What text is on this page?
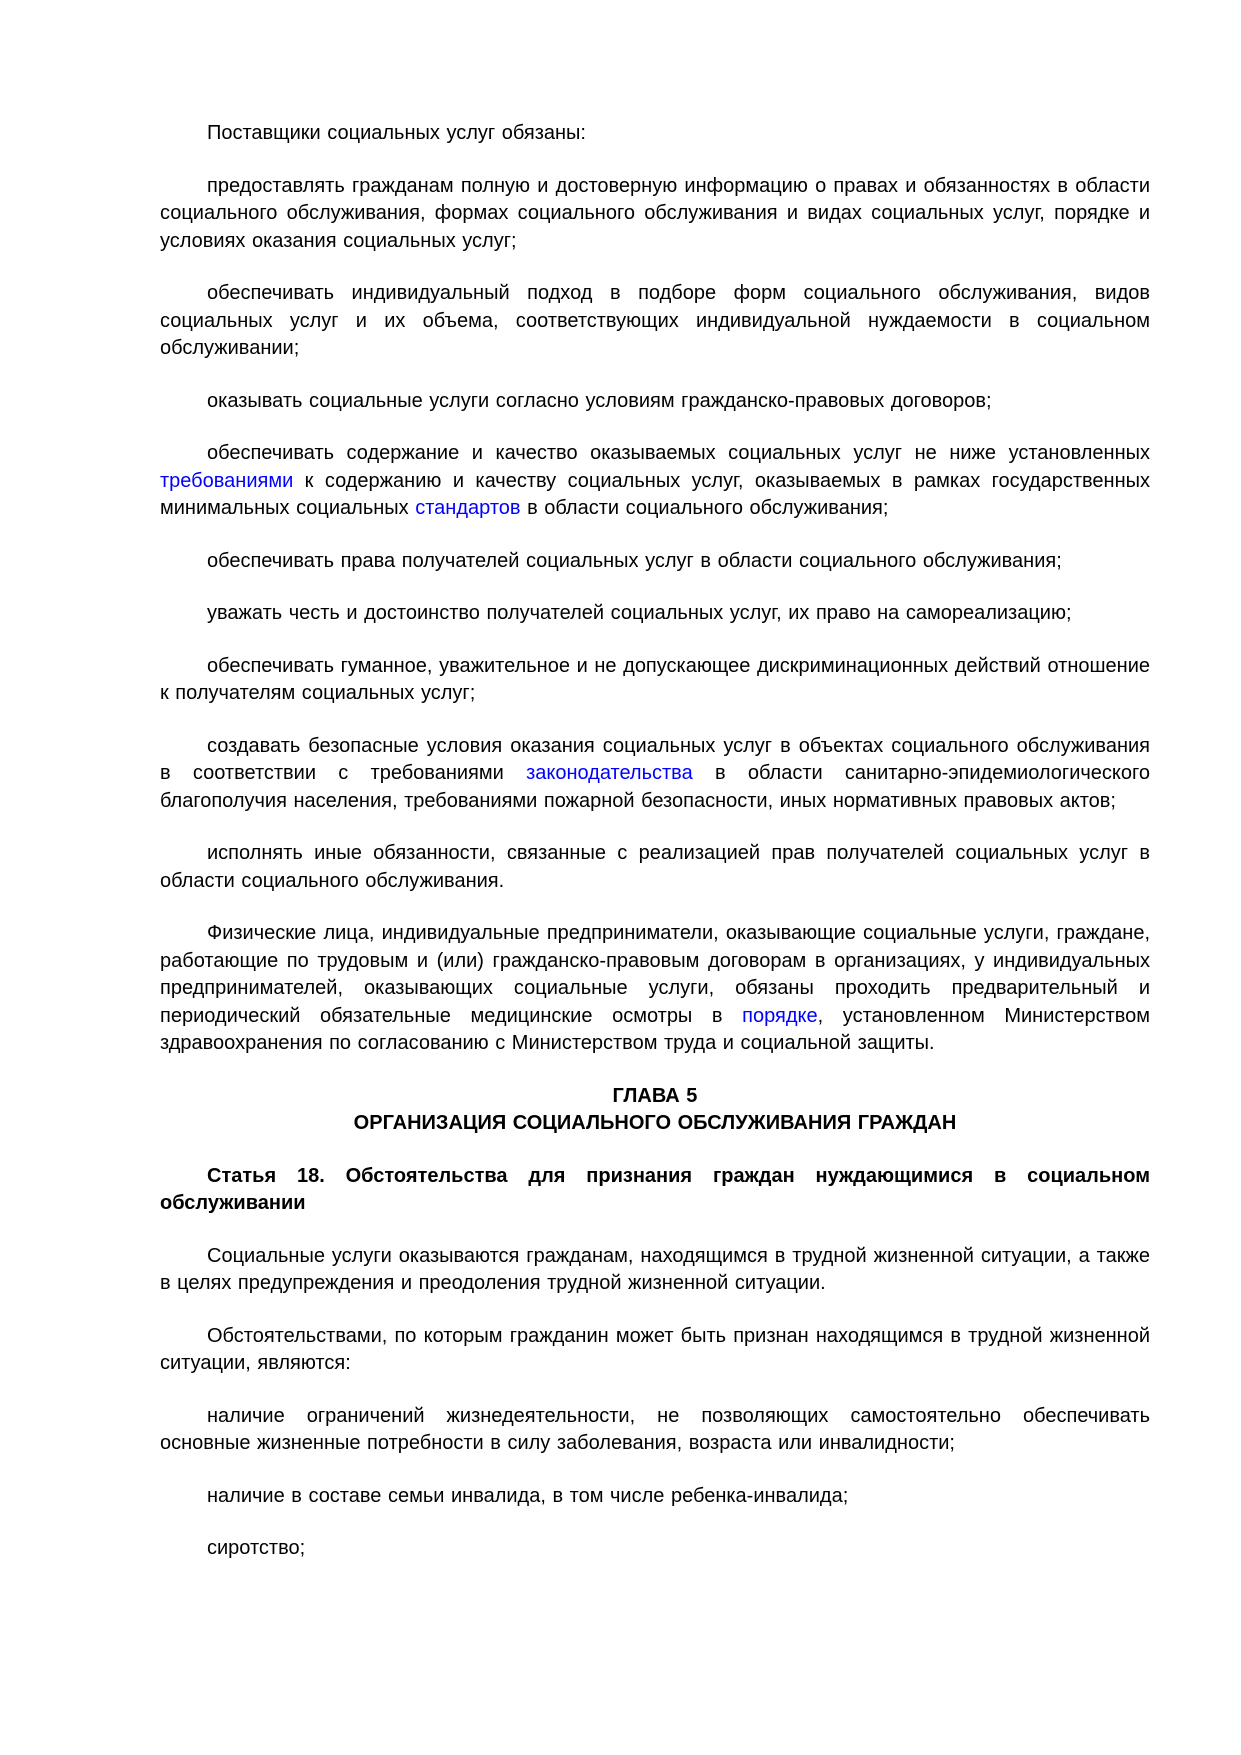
Поставщики социальных услуг обязаны:

предоставлять гражданам полную и достоверную информацию о правах и обязанностях в области социального обслуживания, формах социального обслуживания и видах социальных услуг, порядке и условиях оказания социальных услуг;

обеспечивать индивидуальный подход в подборе форм социального обслуживания, видов социальных услуг и их объема, соответствующих индивидуальной нуждаемости в социальном обслуживании;

оказывать социальные услуги согласно условиям гражданско-правовых договоров;

обеспечивать содержание и качество оказываемых социальных услуг не ниже установленных требованиями к содержанию и качеству социальных услуг, оказываемых в рамках государственных минимальных социальных стандартов в области социального обслуживания;

обеспечивать права получателей социальных услуг в области социального обслуживания;

уважать честь и достоинство получателей социальных услуг, их право на самореализацию;

обеспечивать гуманное, уважительное и не допускающее дискриминационных действий отношение к получателям социальных услуг;

создавать безопасные условия оказания социальных услуг в объектах социального обслуживания в соответствии с требованиями законодательства в области санитарно-эпидемиологического благополучия населения, требованиями пожарной безопасности, иных нормативных правовых актов;

исполнять иные обязанности, связанные с реализацией прав получателей социальных услуг в области социального обслуживания.

Физические лица, индивидуальные предприниматели, оказывающие социальные услуги, граждане, работающие по трудовым и (или) гражданско-правовым договорам в организациях, у индивидуальных предпринимателей, оказывающих социальные услуги, обязаны проходить предварительный и периодический обязательные медицинские осмотры в порядке, установленном Министерством здравоохранения по согласованию с Министерством труда и социальной защиты.

ГЛАВА 5
ОРГАНИЗАЦИЯ СОЦИАЛЬНОГО ОБСЛУЖИВАНИЯ ГРАЖДАН

Статья 18. Обстоятельства для признания граждан нуждающимися в социальном обслуживании

Социальные услуги оказываются гражданам, находящимся в трудной жизненной ситуации, а также в целях предупреждения и преодоления трудной жизненной ситуации.

Обстоятельствами, по которым гражданин может быть признан находящимся в трудной жизненной ситуации, являются:

наличие ограничений жизнедеятельности, не позволяющих самостоятельно обеспечивать основные жизненные потребности в силу заболевания, возраста или инвалидности;

наличие в составе семьи инвалида, в том числе ребенка-инвалида;

сиротство;
